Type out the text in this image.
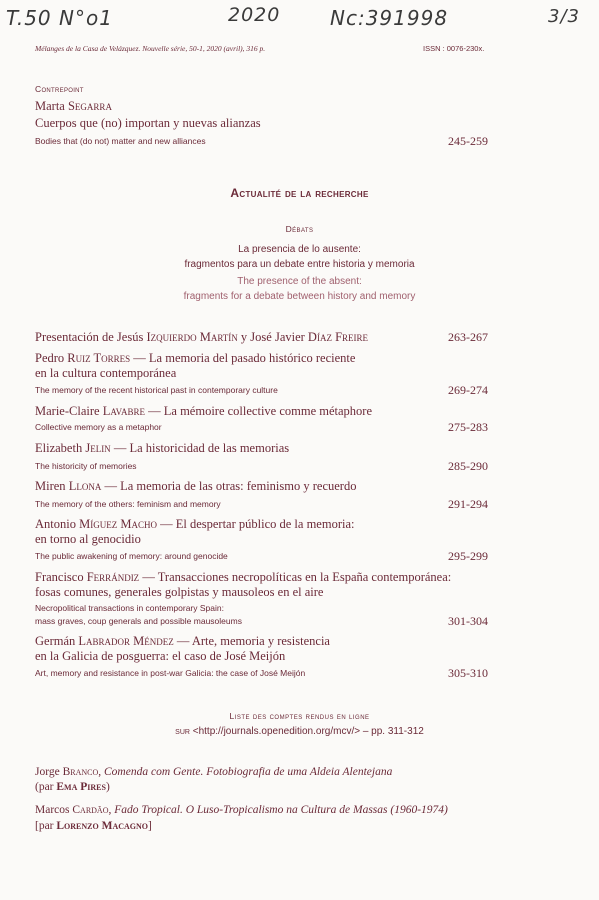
T.50 N°o1	2020 Nc:391998	3/3
Mélanges de la Casa de Velázquez. Nouvelle série, 50-1, 2020 (avril), 316 p.	ISSN : 0076-230x.
Contrepoint
Marta Segarra
Cuerpos que (no) importan y nuevas alianzas
Bodies that (do not) matter and new alliances	245-259
Actualité de la recherche
Débats
La presencia de lo ausente:
fragmentos para un debate entre historia y memoria
The presence of the absent:
fragments for a debate between history and memory
Presentación de Jesús Izquierdo Martín y José Javier Díaz Freire	263-267
Pedro Ruiz Torres — La memoria del pasado histórico reciente
en la cultura contemporánea
The memory of the recent historical past in contemporary culture	269-274
Marie-Claire Lavabre — La mémoire collective comme métaphore
Collective memory as a metaphor	275-283
Elizabeth Jelin — La historicidad de las memorias
The historicity of memories	285-290
Miren Llona — La memoria de las otras: feminismo y recuerdo
The memory of the others: feminism and memory	291-294
Antonio Míguez Macho — El despertar público de la memoria:
en torno al genocidio
The public awakening of memory: around genocide	295-299
Francisco Ferrándiz — Transacciones necropolíticas en la España contemporánea:
fosas comunes, generales golpistas y mausoleos en el aire
Necropolitical transactions in contemporary Spain:
mass graves, coup generals and possible mausoleums	301-304
Germán Labrador Méndez — Arte, memoria y resistencia
en la Galicia de posguerra: el caso de José Meijón
Art, memory and resistance in post-war Galicia: the case of José Meijón	305-310
Liste des comptes rendus en ligne
sur <http://journals.openedition.org/mcv/> – pp. 311-312
Jorge Branco, Comenda com Gente. Fotobiografia de uma Aldeia Alentejana
(par Ema Pires)
Marcos Cardão, Fado Tropical. O Luso-Tropicalismo na Cultura de Massas (1960-1974)
[par Lorenzo Macagno]
